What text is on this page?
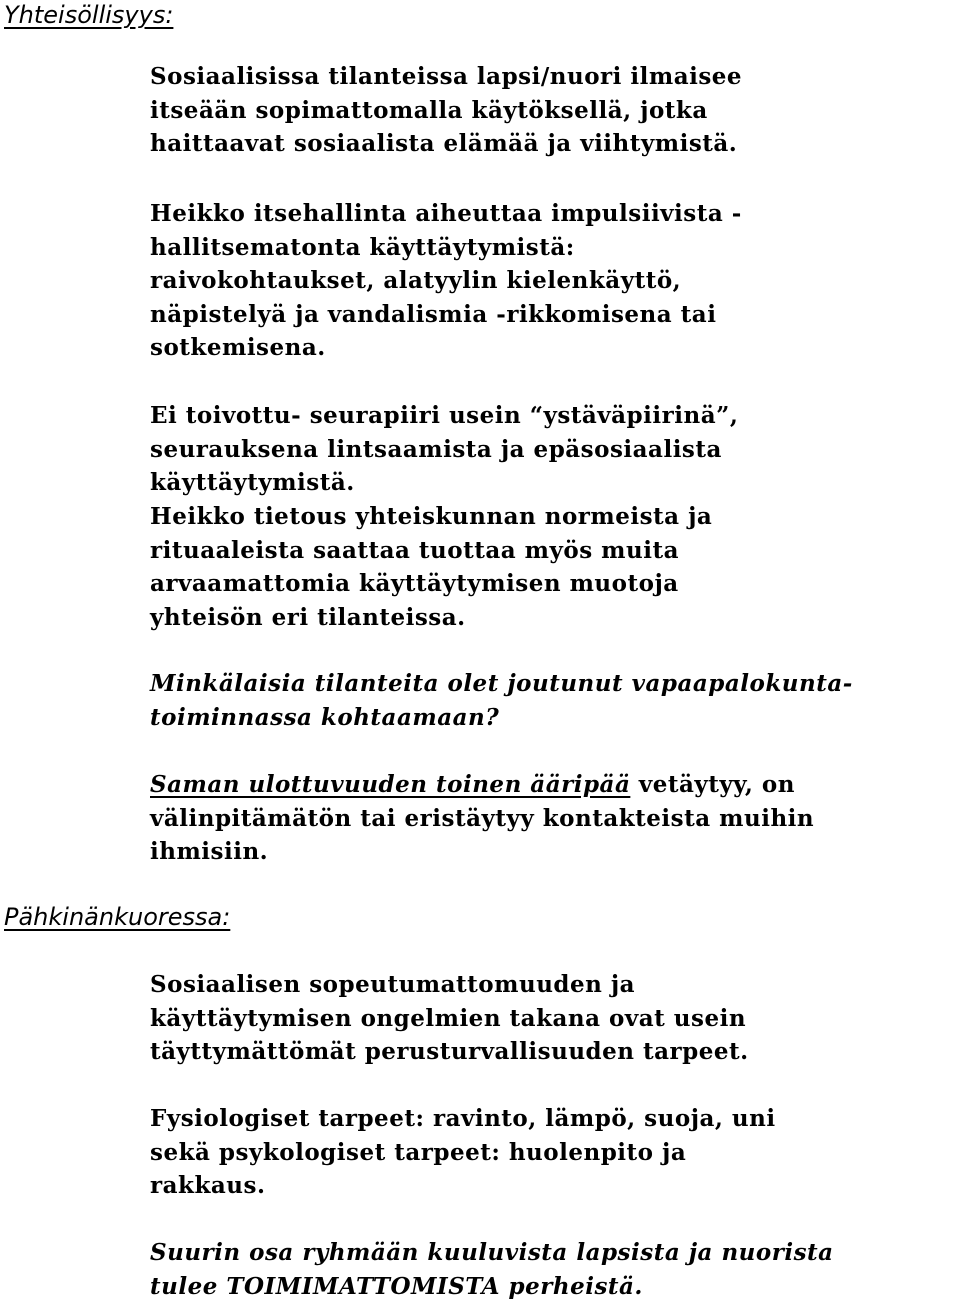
Yhteisöllisyys:

Sosiaalisissa tilanteissa lapsi/nuori ilmaisee
itseään sopimattomalla käytöksellä, jotka
haittaavat sosiaalista elämää ja viihtymistä.

Heikko itsehallinta aiheuttaa impulsiivista -
hallitsematonta käyttäytymistä:
raivokohtaukset, alatyylin kielenkäyttö,
näpistelyä ja vandalismia -rikkomisena tai
sotkemisena.

Ei toivottu- seurapiiri usein “ystäväpiirinä”,
seurauksena lintsaamista ja epäsosiaalista
käyttäytymistä.

Heikko tietous yhteiskunnan normeista ja
rituaaleista saattaa tuottaa myös muita
arvaamattomia käyttäytymisen muotoja
yhteisön eri tilanteissa.

Minkälaisia tilanteita olet joutunut vapaapalokunta-
toiminnassa kohtaamaan?

Saman ulottuvuuden toinen ääripää vetäytyy, on
välinpitämätön tai eristäytyy kontakteista muihin
ihmisiin.

Pähkinänkuoressa:

Sosiaalisen sopeutumattomuuden ja
käyttäytymisen ongelmien takana ovat usein
täyttymättömät perusturvallisuuden tarpeet.

Fysiologiset tarpeet: ravinto, lämpö, suoja, uni
sekä psykologiset tarpeet: huolenpito ja
rakkaus.

Suurin osa ryhmään kuuluvista lapsista ja nuorista
tulee TOIMIMATTOMISTA perheistä.
